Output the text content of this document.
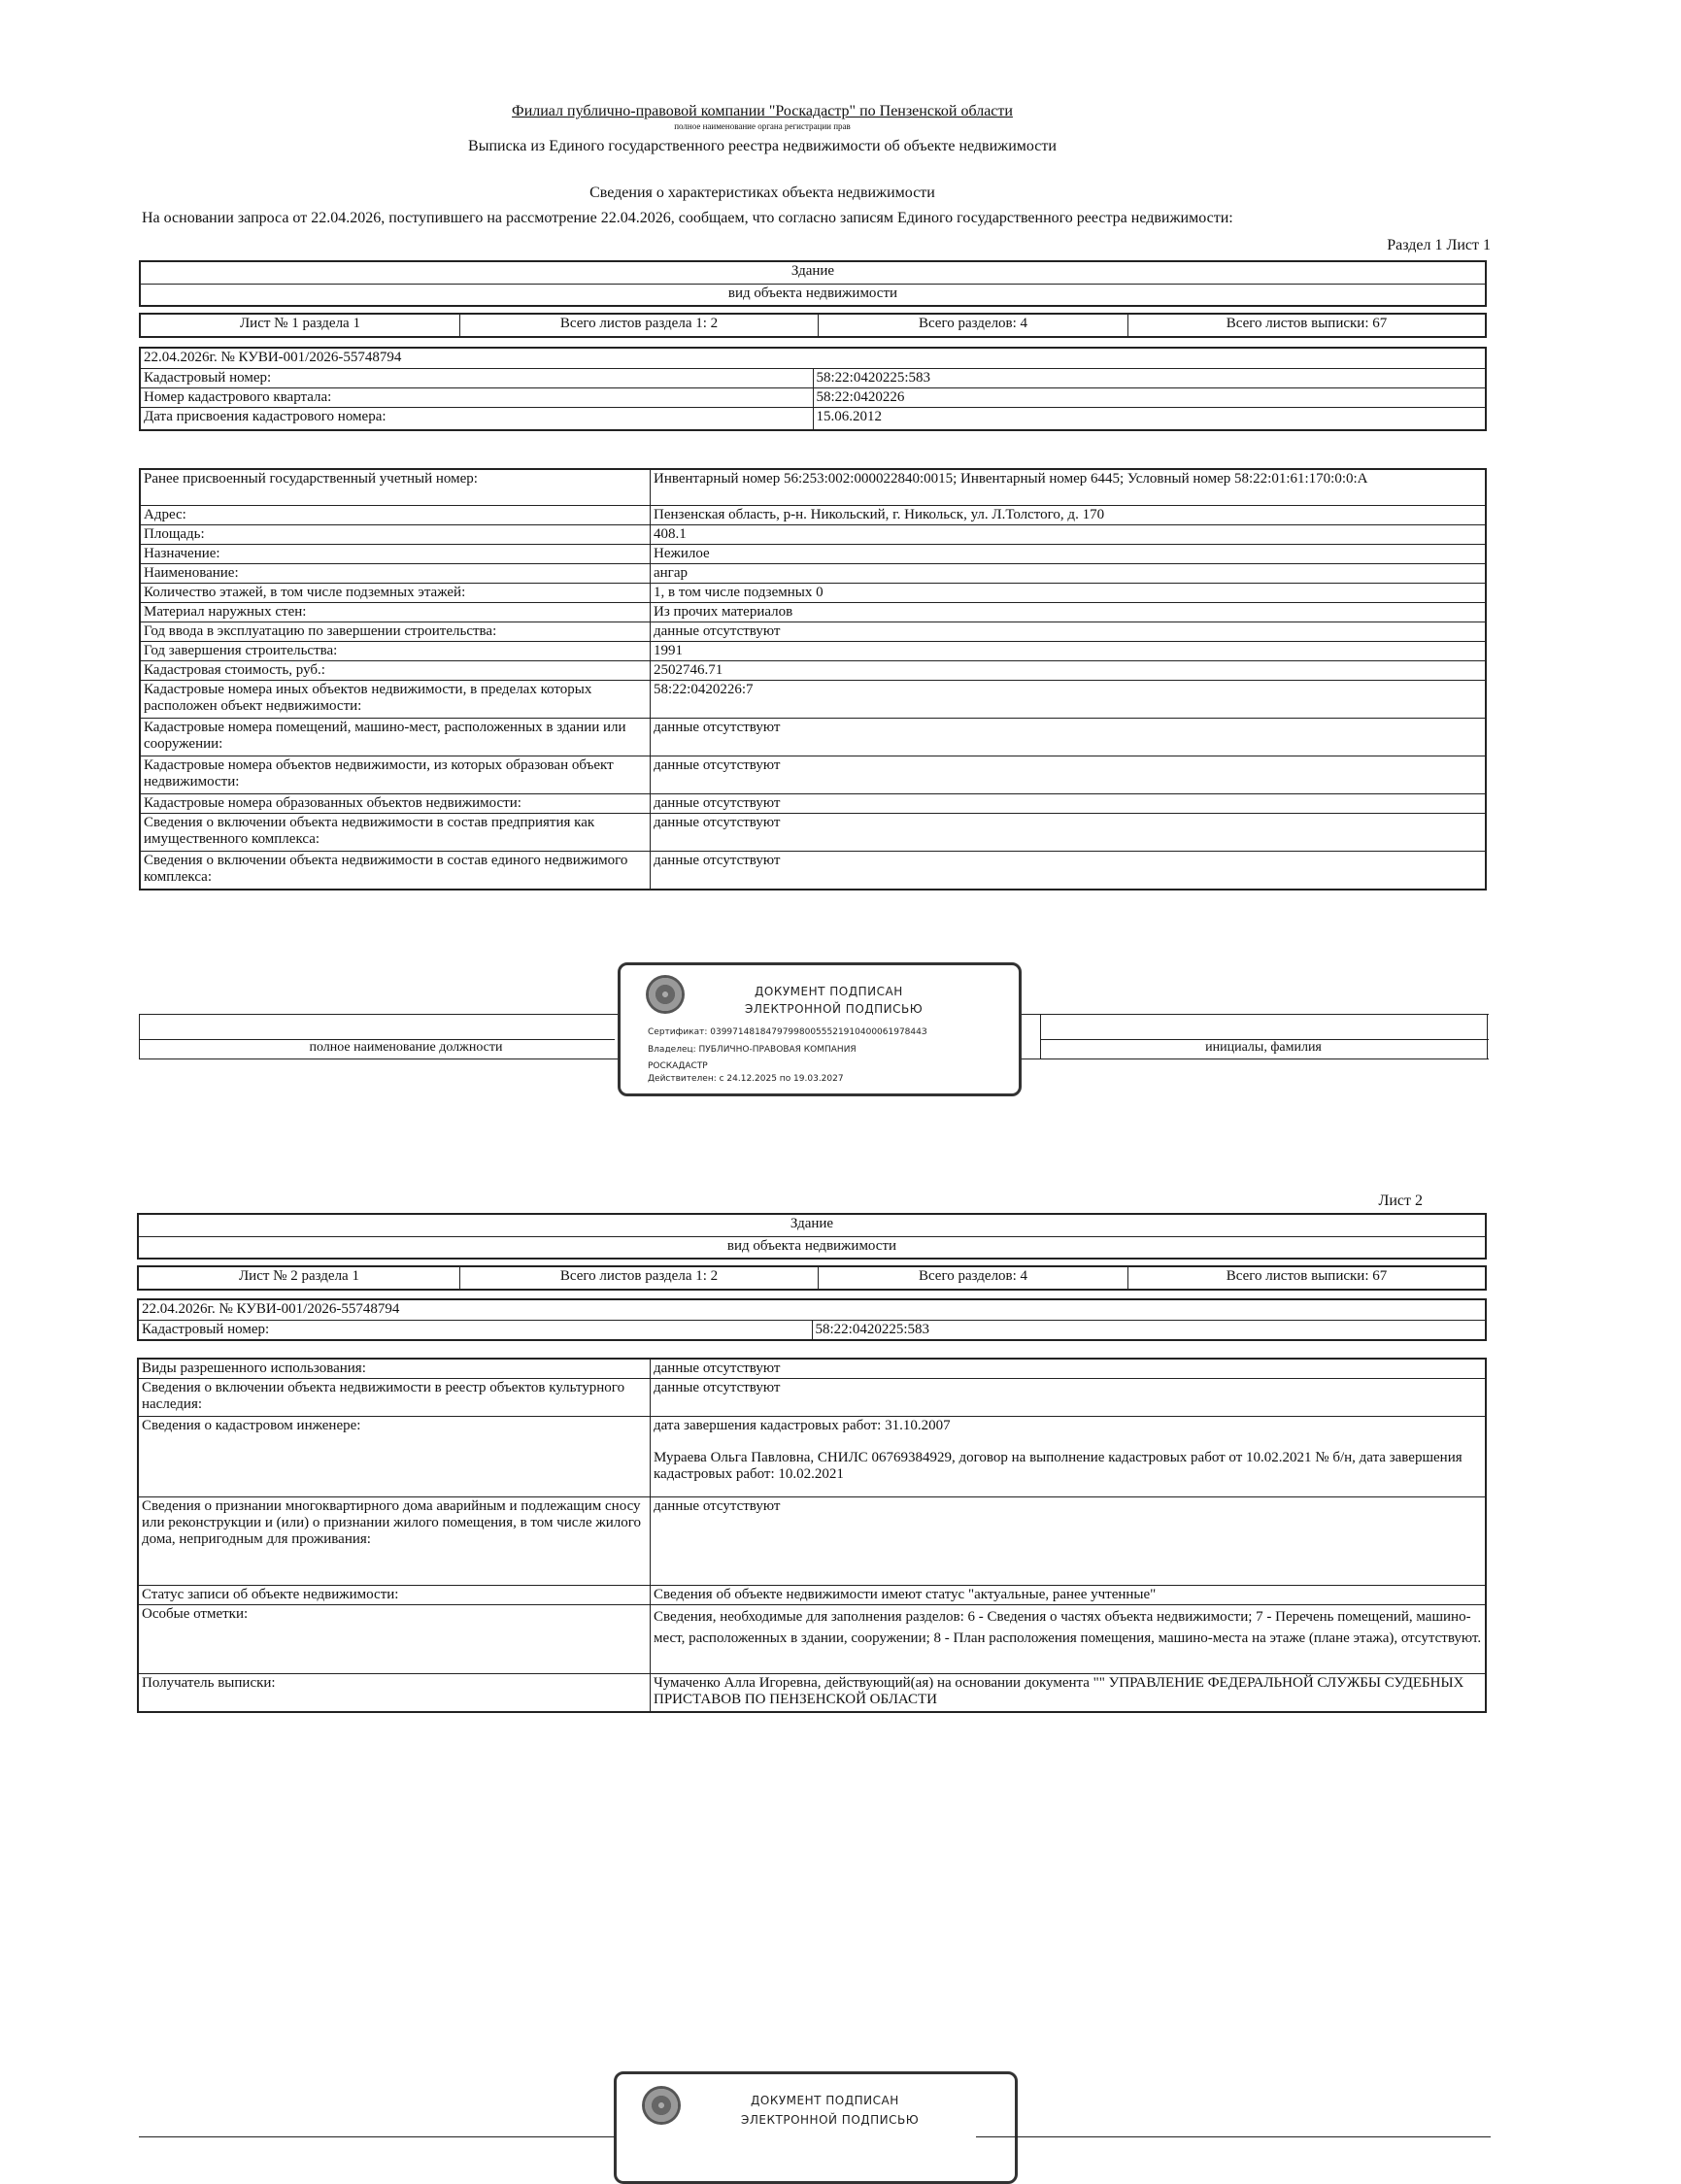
Филиал публично-правовой компании "Роскадастр" по Пензенской области
полное наименование органа регистрации прав
Выписка из Единого государственного реестра недвижимости об объекте недвижимости
Сведения о характеристиках объекта недвижимости
На основании запроса от 22.04.2026, поступившего на рассмотрение 22.04.2026, сообщаем, что согласно записям Единого государственного реестра недвижимости:
Раздел 1 Лист 1
Здание
вид объекта недвижимости
Лист № 1 раздела 1	Всего листов раздела 1: 2	Всего разделов: 4	Всего листов выписки: 67
22.04.2026г. № КУВИ-001/2026-55748794	
Кадастровый номер:	58:22:0420225:583
Номер кадастрового квартала:	58:22:0420226
Дата присвоения кадастрового номера:	15.06.2012
Ранее присвоенный государственный учетный номер:	Инвентарный номер 56:253:002:000022840:0015; Инвентарный номер 6445; Условный номер 58:22:01:61:170:0:0:А
Адрес:	Пензенская область, р-н. Никольский, г. Никольск, ул. Л.Толстого, д. 170
Площадь:	408.1
Назначение:	Нежилое
Наименование:	ангар
Количество этажей, в том числе подземных этажей:	1, в том числе подземных 0
Материал наружных стен:	Из прочих материалов
Год ввода в эксплуатацию по завершении строительства:	данные отсутствуют
Год завершения строительства:	1991
Кадастровая стоимость, руб.:	2502746.71
Кадастровые номера иных объектов недвижимости, в пределах которых расположен объект недвижимости:	58:22:0420226:7
Кадастровые номера помещений, машино-мест, расположенных в здании или сооружении:	данные отсутствуют
Кадастровые номера объектов недвижимости, из которых образован объект недвижимости:	данные отсутствуют
Кадастровые номера образованных объектов недвижимости:	данные отсутствуют
Сведения о включении объекта недвижимости в состав предприятия как имущественного комплекса:	данные отсутствуют
Сведения о включении объекта недвижимости в состав единого недвижимого комплекса:	данные отсутствуют
полное наименование должности	инициалы, фамилия
ДОКУМЕНТ ПОДПИСАН
ЭЛЕКТРОННОЙ ПОДПИСЬЮ
Сертификат: 03997148184797998005552191040006197844З
Владелец: ПУБЛИЧНО-ПРАВОВАЯ КОМПАНИЯ
РОСКАДАСТР
Действителен: с 24.12.2025 по 19.03.2027
Лист 2
Здание
вид объекта недвижимости
Лист № 2 раздела 1	Всего листов раздела 1: 2	Всего разделов: 4	Всего листов выписки: 67
22.04.2026г. № КУВИ-001/2026-55748794
Кадастровый номер:	58:22:0420225:583
Виды разрешенного использования:	данные отсутствуют
Сведения о включении объекта недвижимости в реестр объектов культурного наследия:	данные отсутствуют
Сведения о кадастровом инженере:	дата завершения кадастровых работ: 31.10.2007
Мураева Ольга Павловна, СНИЛС 06769384929, договор на выполнение кадастровых работ от 10.02.2021 № б/н, дата завершения кадастровых работ: 10.02.2021

Сведения о признании многоквартирного дома аварийным и подлежащим сносу или реконструкции и (или) о признании жилого помещения, в том числе жилого дома, непригодным для проживания:	данные отсутствуют
Статус записи об объекте недвижимости:	Сведения об объекте недвижимости имеют статус "актуальные, ранее учтенные"
Особые отметки:	Сведения, необходимые для заполнения разделов: 6 - Сведения о частях объекта недвижимости; 7 - Перечень помещений, машино-мест, расположенных в здании, сооружении; 8 - План расположения помещения, машино-места на этаже (плане этажа), отсутствуют.
Получатель выписки:	Чумаченко Алла Игоревна, действующий(ая) на основании документа "" УПРАВЛЕНИЕ ФЕДЕРАЛЬНОЙ СЛУЖБЫ СУДЕБНЫХ ПРИСТАВОВ ПО ПЕНЗЕНСКОЙ ОБЛАСТИ
ДОКУМЕНТ ПОДПИСАН
ЭЛЕКТРОННОЙ ПОДПИСЬЮ
